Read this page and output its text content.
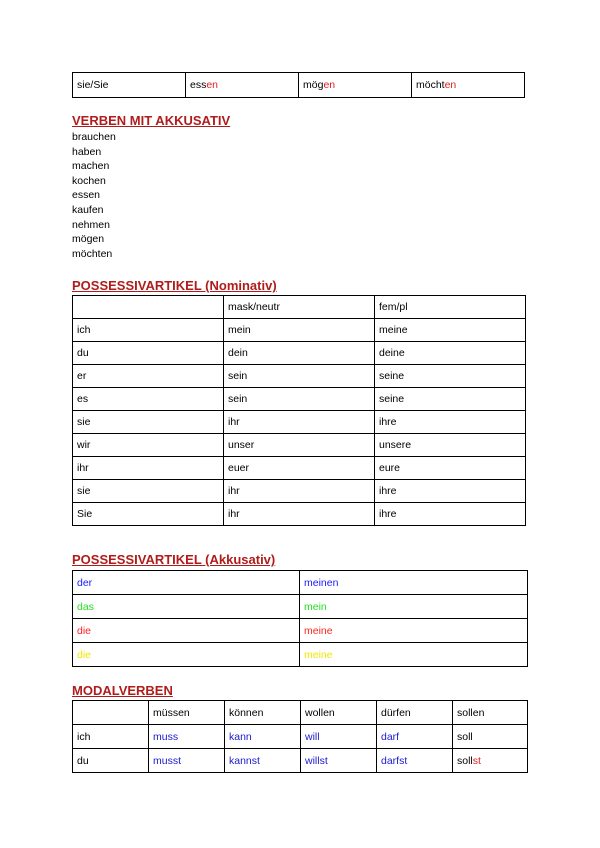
sie/Sie	essen	mögen	möchten
VERBEN MIT AKKUSATIV
brauchen
haben
machen
kochen
essen
kaufen
nehmen
mögen
möchten
POSSESSIVARTIKEL (Nominativ)
	mask/neutr	fem/pl
ich	mein	meine
du	dein	deine
er	sein	seine
es	sein	seine
sie	ihr	ihre
wir	unser	unsere
ihr	euer	eure
sie	ihr	ihre
Sie	ihr	ihre
POSSESSIVARTIKEL (Akkusativ)
der	meinen
das	mein
die	meine
die	meine
MODALVERBEN
	müssen	können	wollen	dürfen	sollen
ich	muss	kann	will	darf	soll
du	musst	kannst	willst	darfst	sollst
